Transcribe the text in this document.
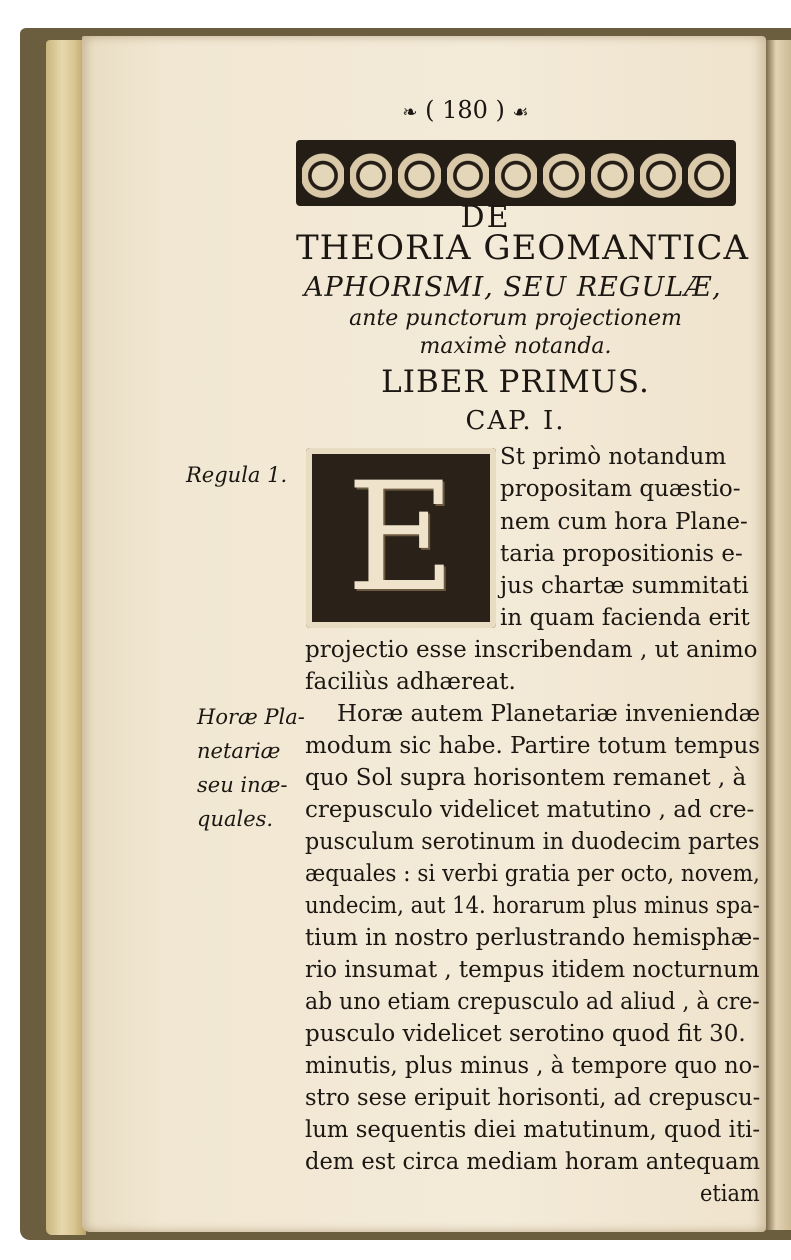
❧ ( 180 ) ☙
DE
THEORIA GEOMANTICA
APHORISMI, SEU REGULÆ,
ante punctorum projectionem
maximè notanda.
LIBER PRIMUS.
CAP. I.
Regula 1.
Horæ Pla-
netariæ
seu inæ-
quales.
E St primò notandum
propositam quæstio-
nem cum hora Plane-
taria propositionis e-
jus chartæ summitati
in quam facienda erit
projectio esse inscribendam , ut animo
faciliùs adhæreat.
Horæ autem Planetariæ inveniendæ
modum sic habe. Partire totum tempus
quo Sol supra horisontem remanet , à
crepusculo videlicet matutino , ad cre-
pusculum serotinum in duodecim partes
æquales : si verbi gratia per octo, novem,
undecim, aut 14. horarum plus minus spa-
tium in nostro perlustrando hemisphæ-
rio insumat , tempus itidem nocturnum
ab uno etiam crepusculo ad aliud , à cre-
pusculo videlicet serotino quod fit 30.
minutis, plus minus , à tempore quo no-
stro sese eripuit horisonti, ad crepuscu-
lum sequentis diei matutinum, quod iti-
dem est circa mediam horam antequam
etiam
